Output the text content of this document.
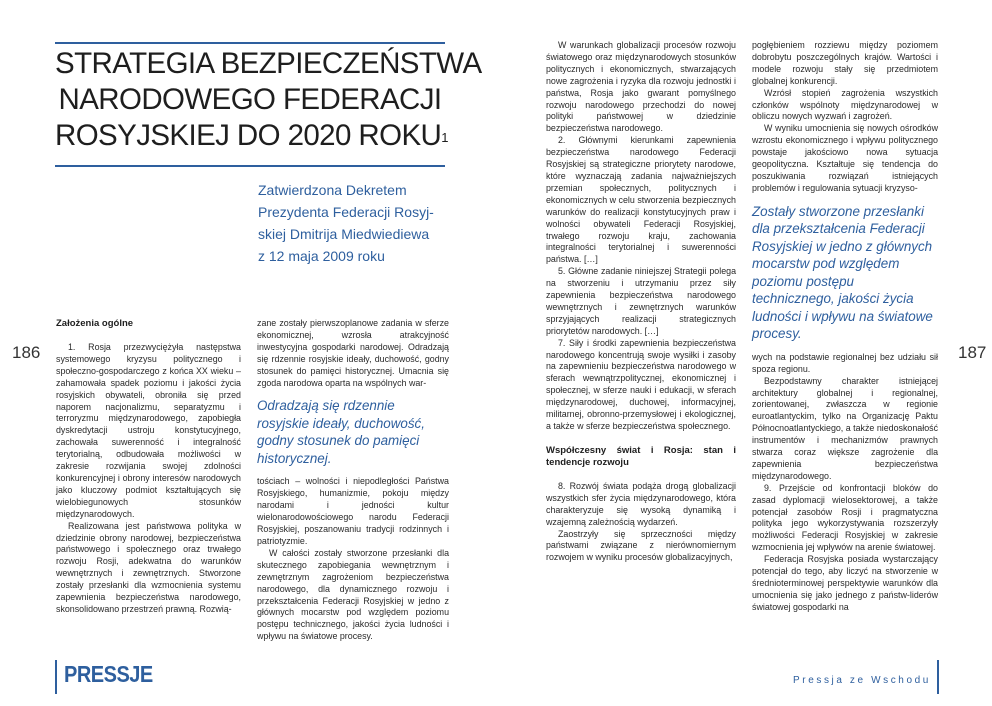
186	187
STRATEGIA BEZPIECZEŃSTWA
NARODOWEGO FEDERACJI
ROSYJSKIEJ DO 2020 ROKU$^1$
Zatwierdzona Dekretem
Prezydenta Federacji Rosyj-
skiej Dmitrija Miedwiediewa
z 12 maja 2009 roku
Założenia ogólne

1. Rosja przezwyciężyła następstwa systemowego kryzysu politycznego i społeczno-gospodarczego z końca XX wieku – zahamowała spadek poziomu i jakości życia rosyjskich obywateli, obroniła się przed naporem nacjonalizmu, separatyzmu i terroryzmu międzynarodowego, zapobiegła dyskredytacji ustroju konstytucyjnego, zachowała suwerenność i integralność terytorialną, odbudowała możliwości w zakresie rozwijania swojej zdolności konkurencyjnej i obrony interesów narodowych jako kluczowy podmiot kształtujących się wielobiegunowych stosunków międzynarodowych.

Realizowana jest państwowa polityka w dziedzinie obrony narodowej, bezpieczeństwa państwowego i społecznego oraz trwałego rozwoju Rosji, adekwatna do warunków wewnętrznych i zewnętrznych. Stworzone zostały przesłanki dla wzmocnienia systemu zapewnienia bezpieczeństwa narodowego, skonsolidowano przestrzeń prawną. Rozwią-

zane zostały pierwszoplanowe zadania w sferze ekonomicznej, wzrosła atrakcyjność inwestycyjna gospodarki narodowej. Odradzają się rdzennie rosyjskie ideały, duchowość, godny stosunek do pamięci historycznej. Umacnia się zgoda narodowa oparta na wspólnych war-

Odradzają się rdzennie rosyjskie ideały, duchowość, godny stosunek do pamięci historycznej.

tościach – wolności i niepodległości Państwa Rosyjskiego, humanizmie, pokoju między narodami i jedności kultur wielonarodowościowego narodu Federacji Rosyjskiej, poszanowaniu tradycji rodzinnych i patriotyzmie.

W całości zostały stworzone przesłanki dla skutecznego zapobiegania wewnętrznym i zewnętrznym zagrożeniom bezpieczeństwa narodowego, dla dynamicznego rozwoju i przekształcenia Federacji Rosyjskiej w jedno z głównych mocarstw pod względem poziomu postępu technicznego, jakości życia ludności i wpływu na światowe procesy.

W warunkach globalizacji procesów rozwoju światowego oraz międzynarodowych stosunków politycznych i ekonomicznych, stwarzających nowe zagrożenia i ryzyka dla rozwoju jednostki i państwa, Rosja jako gwarant pomyślnego rozwoju narodowego przechodzi do nowej polityki państwowej w dziedzinie bezpieczeństwa narodowego.

2. Głównymi kierunkami zapewnienia bezpieczeństwa narodowego Federacji Rosyjskiej są strategiczne priorytety narodowe, które wyznaczają zadania najważniejszych przemian społecznych, politycznych i ekonomicznych w celu stworzenia bezpiecznych warunków do realizacji konstytucyjnych praw i wolności obywateli Federacji Rosyjskiej, trwałego rozwoju kraju, zachowania integralności terytorialnej i suwerenności państwa. […]

5. Główne zadanie niniejszej Strategii polega na stworzeniu i utrzymaniu przez siły zapewnienia bezpieczeństwa narodowego wewnętrznych i zewnętrznych warunków sprzyjających realizacji strategicznych priorytetów narodowych. […]

7. Siły i środki zapewnienia bezpieczeństwa narodowego koncentrują swoje wysiłki i zasoby na zapewnieniu bezpieczeństwa narodowego w sferach wewnątrzpolitycznej, ekonomicznej i społecznej, w sferze nauki i edukacji, w sferach międzynarodowej, duchowej, informacyjnej, militarnej, obronno-przemysłowej i ekologicznej, a także w sferze bezpieczeństwa społecznego.

Współczesny świat i Rosja: stan i tendencje rozwoju

8. Rozwój świata podąża drogą globalizacji wszystkich sfer życia międzynarodowego, która charakteryzuje się wysoką dynamiką i wzajemną zależnością wydarzeń.

Zaostrzyły się sprzeczności między państwami związane z nierównomiernym rozwojem w wyniku procesów globalizacyjnych,

pogłębieniem rozziewu między poziomem dobrobytu poszczególnych krajów. Wartości i modele rozwoju stały się przedmiotem globalnej konkurencji.

Wzrósł stopień zagrożenia wszystkich członków wspólnoty międzynarodowej w obliczu nowych wyzwań i zagrożeń.

W wyniku umocnienia się nowych ośrodków wzrostu ekonomicznego i wpływu politycznego powstaje jakościowo nowa sytuacja geopolityczna. Kształtuje się tendencja do poszukiwania rozwiązań istniejących problemów i regulowania sytuacji kryzyso-

Zostały stworzone przesłanki dla przekształcenia Federacji Rosyjskiej w jedno z głównych mocarstw pod względem poziomu postępu technicznego, jakości życia ludności i wpływu na światowe procesy.

wych na podstawie regionalnej bez udziału sił spoza regionu.

Bezpodstawny charakter istniejącej architektury globalnej i regionalnej, zorientowanej, zwłaszcza w regionie euroatlantyckim, tylko na Organizację Paktu Północnoatlantyckiego, a także niedoskonałość instrumentów i mechanizmów prawnych stwarza coraz większe zagrożenie dla zapewnienia bezpieczeństwa międzynarodowego.

9. Przejście od konfrontacji bloków do zasad dyplomacji wielosektorowej, a także potencjał zasobów Rosji i pragmatyczna polityka jego wykorzystywania rozszerzyły możliwości Federacji Rosyjskiej w zakresie wzmocnienia jej wpływów na arenie światowej.

Federacja Rosyjska posiada wystarczający potencjał do tego, aby liczyć na stworzenie w średnioterminowej perspektywie warunków dla umocnienia się jako jednego z państw-liderów światowej gospodarki na

PRESSJE	Pressja ze Wschodu
